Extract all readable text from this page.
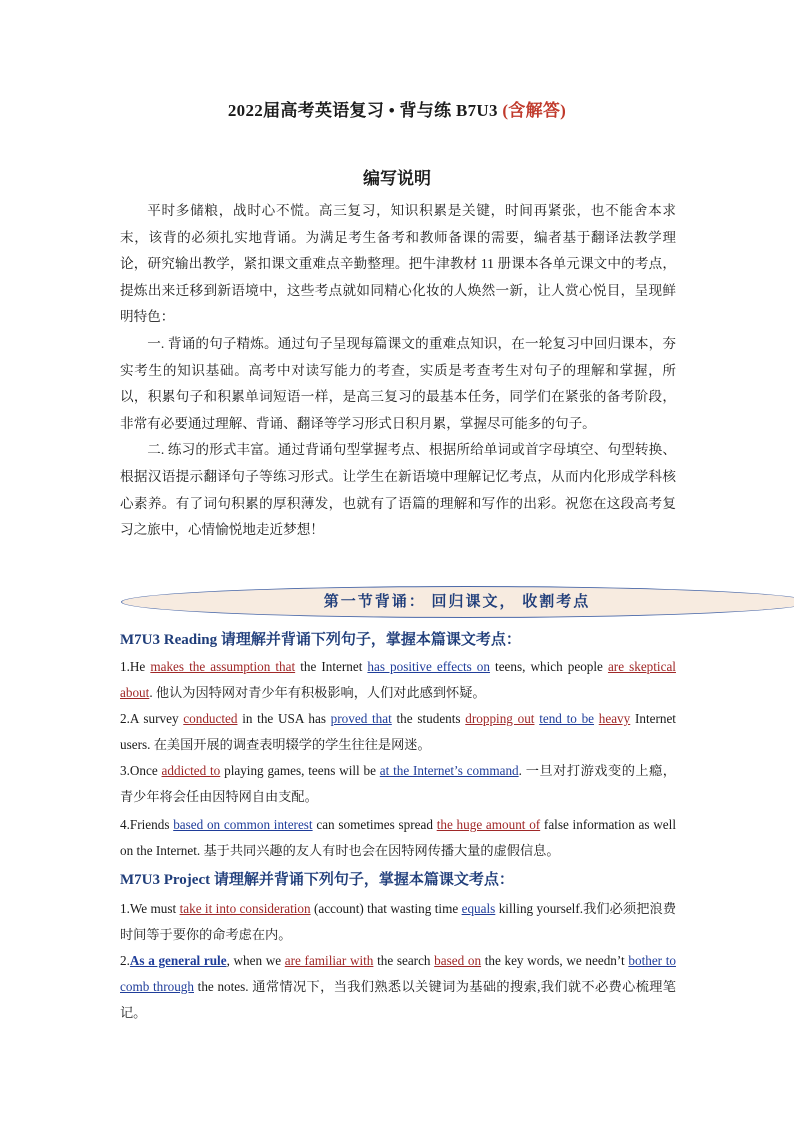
2022届高考英语复习 • 背与练 B7U3 (含解答)
编写说明

平时多储粮，战时心不慌。高三复习，知识积累是关键，时间再紧张，也不能舍本求末，该背的必须扎实地背诵。为满足考生备考和教师备课的需要，编者基于翻译法教学理论，研究输出教学，紧扣课文重难点辛勤整理。把牛津教材 11 册课本各单元课文中的考点，提炼出来迁移到新语境中，这些考点就如同精心化妆的人焕然一新，让人赏心悦目，呈现鲜明特色：

一. 背诵的句子精炼。通过句子呈现每篇课文的重难点知识，在一轮复习中回归课本，夯实考生的知识基础。高考中对读写能力的考查，实质是考查考生对句子的理解和掌握，所以，积累句子和积累单词短语一样，是高三复习的最基本任务，同学们在紧张的备考阶段，非常有必要通过理解、背诵、翻译等学习形式日积月累，掌握尽可能多的句子。

二. 练习的形式丰富。通过背诵句型掌握考点、根据所给单词或首字母填空、句型转换、根据汉语提示翻译句子等练习形式。让学生在新语境中理解记忆考点，从而内化形成学科核心素养。有了词句积累的厚积薄发，也就有了语篇的理解和写作的出彩。祝您在这段高考复习之旅中，心情愉悦地走近梦想！

第一节背诵： 回归课文， 收割考点
M7U3 Reading 请理解并背诵下列句子，掌握本篇课文考点：
1.He makes the assumption that the Internet has positive effects on teens, which people are skeptical about. 他认为因特网对青少年有积极影响，人们对此感到怀疑。
2.A survey conducted in the USA has proved that the students dropping out tend to be heavy Internet users. 在美国开展的调查表明辍学的学生往往是网迷。
3.Once addicted to playing games, teens will be at the Internet’s command. 一旦对打游戏变的上瘾，青少年将会任由因特网自由支配。
4.Friends based on common interest can sometimes spread the huge amount of false information as well on the Internet. 基于共同兴趣的友人有时也会在因特网传播大量的虚假信息。
M7U3 Project 请理解并背诵下列句子，掌握本篇课文考点：
1.We must take it into consideration (account) that wasting time equals killing yourself.我们必须把浪费时间等于要你的命考虑在内。
2.As a general rule, when we are familiar with the search based on the key words, we needn’t bother to comb through the notes. 通常情况下，当我们熟悉以关键词为基础的搜索,我们就不必费心梳理笔记。
